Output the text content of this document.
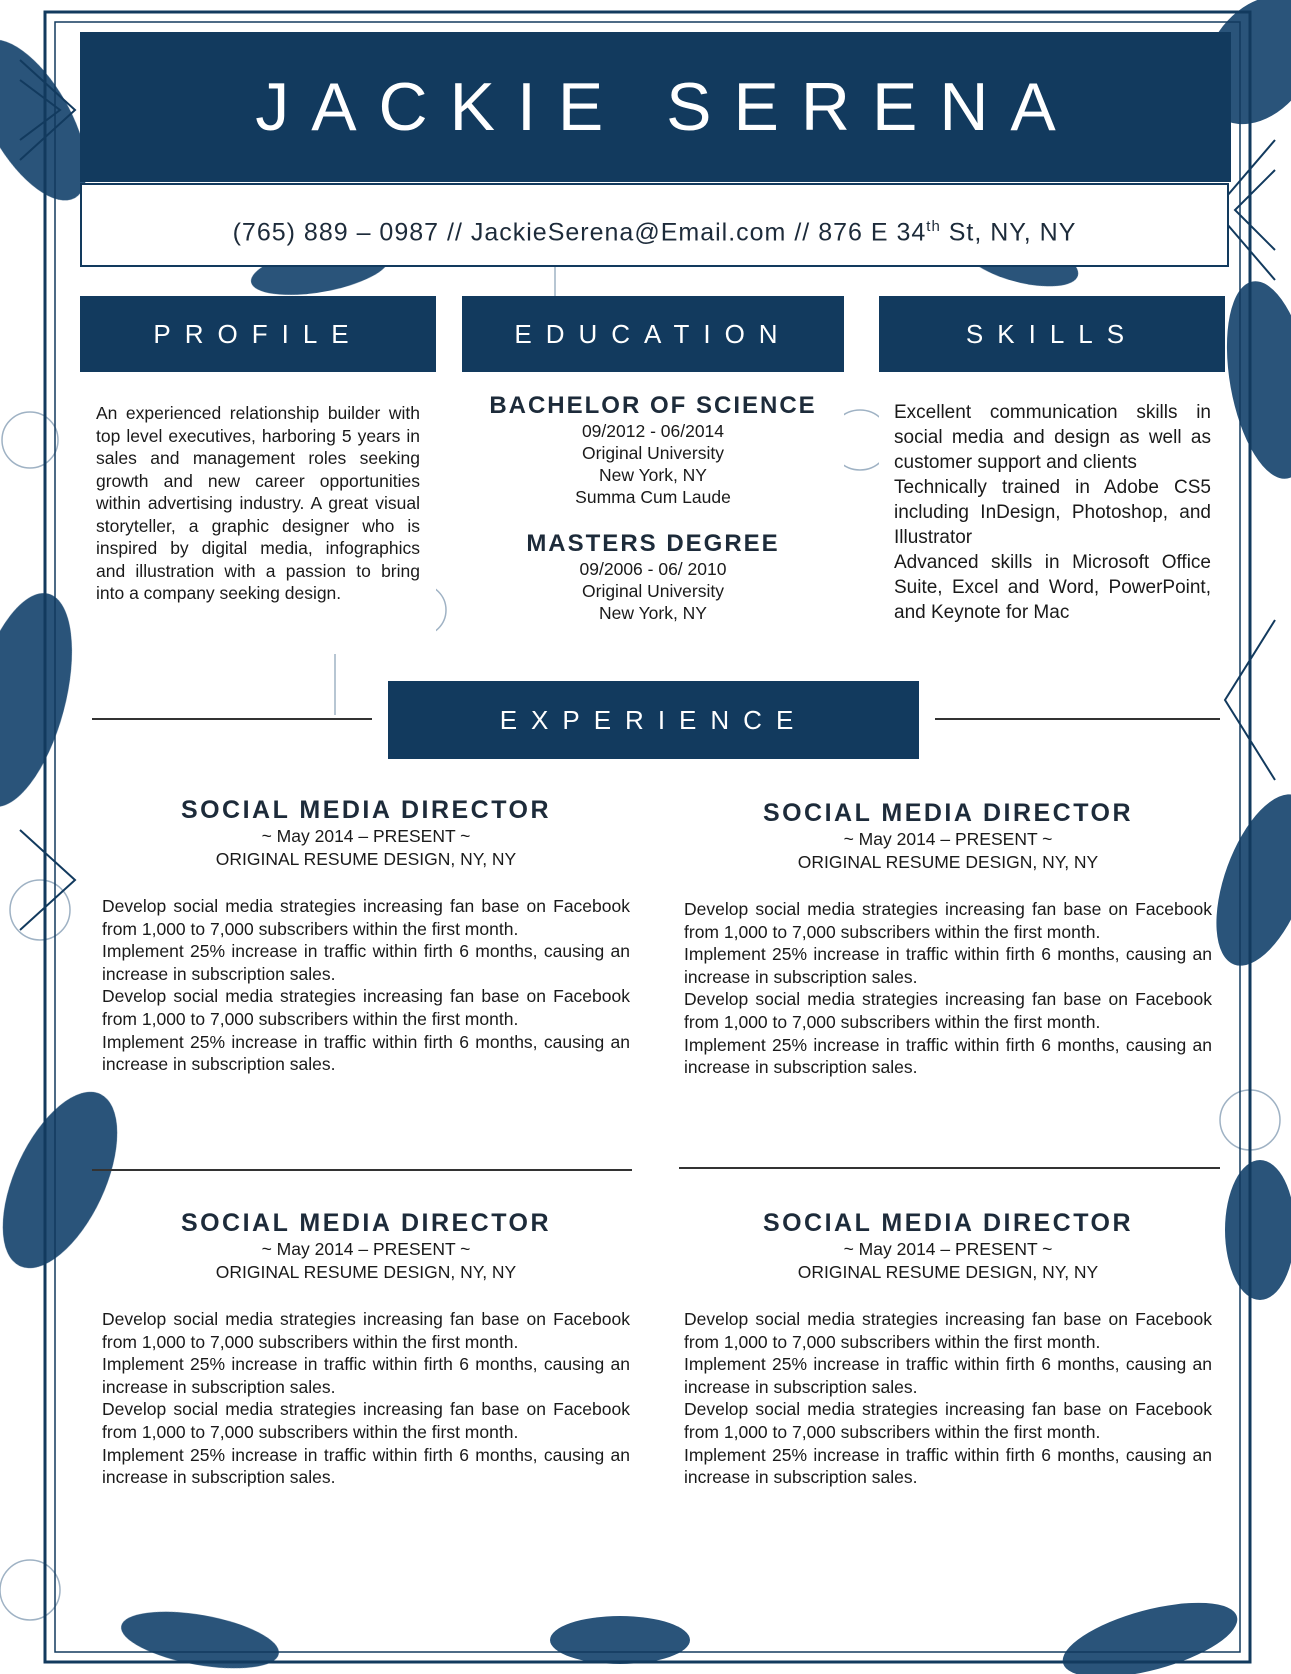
JACKIE SERENA
(765) 889 – 0987 // JackieSerena@Email.com // 876 E 34th St, NY, NY
PROFILE	EDUCATION	SKILLS
An experienced relationship builder with top level executives, harboring 5 years in sales and management roles seeking growth and new career opportunities within advertising industry. A great visual storyteller, a graphic designer who is inspired by digital media, infographics and illustration with a passion to bring into a company seeking design.
BACHELOR OF SCIENCE
09/2012 - 06/2014
Original University
New York, NY
Summa Cum Laude
MASTERS DEGREE
09/2006 - 06/ 2010
Original University
New York, NY
Excellent communication skills in social media and design as well as customer support and clients
Technically trained in Adobe CS5 including InDesign, Photoshop, and Illustrator
Advanced skills in Microsoft Office Suite, Excel and Word, PowerPoint, and Keynote for Mac
EXPERIENCE
SOCIAL MEDIA DIRECTOR
~ May 2014 – PRESENT ~
ORIGINAL RESUME DESIGN, NY, NY
Develop social media strategies increasing fan base on Facebook from 1,000 to 7,000 subscribers within the first month.
Implement 25% increase in traffic within firth 6 months, causing an increase in subscription sales.
Develop social media strategies increasing fan base on Facebook from 1,000 to 7,000 subscribers within the first month.
Implement 25% increase in traffic within firth 6 months, causing an increase in subscription sales.
SOCIAL MEDIA DIRECTOR
~ May 2014 – PRESENT ~
ORIGINAL RESUME DESIGN, NY, NY
Develop social media strategies increasing fan base on Facebook from 1,000 to 7,000 subscribers within the first month.
Implement 25% increase in traffic within firth 6 months, causing an increase in subscription sales.
Develop social media strategies increasing fan base on Facebook from 1,000 to 7,000 subscribers within the first month.
Implement 25% increase in traffic within firth 6 months, causing an increase in subscription sales.
SOCIAL MEDIA DIRECTOR
~ May 2014 – PRESENT ~
ORIGINAL RESUME DESIGN, NY, NY
Develop social media strategies increasing fan base on Facebook from 1,000 to 7,000 subscribers within the first month.
Implement 25% increase in traffic within firth 6 months, causing an increase in subscription sales.
Develop social media strategies increasing fan base on Facebook from 1,000 to 7,000 subscribers within the first month.
Implement 25% increase in traffic within firth 6 months, causing an increase in subscription sales.
SOCIAL MEDIA DIRECTOR
~ May 2014 – PRESENT ~
ORIGINAL RESUME DESIGN, NY, NY
Develop social media strategies increasing fan base on Facebook from 1,000 to 7,000 subscribers within the first month.
Implement 25% increase in traffic within firth 6 months, causing an increase in subscription sales.
Develop social media strategies increasing fan base on Facebook from 1,000 to 7,000 subscribers within the first month.
Implement 25% increase in traffic within firth 6 months, causing an increase in subscription sales.
